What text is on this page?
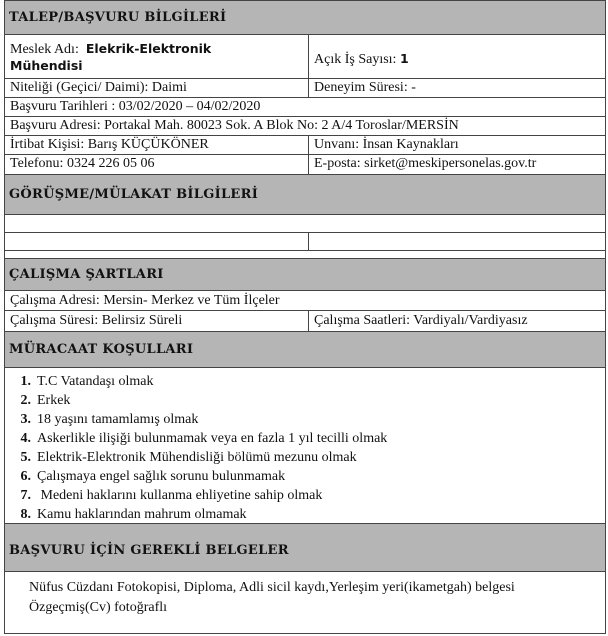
TALEP/BAŞVURU BİLGİLERİ
Meslek Adı: Elekrik-Elektronik
Mühendisi	Açık İş Sayısı: 1
Niteliği (Geçici/ Daimi): Daimi	Deneyim Süresi: -
Başvuru Tarihleri : 03/02/2020 – 04/02/2020
Başvuru Adresi: Portakal Mah. 80023 Sok. A Blok No: 2 A/4 Toroslar/MERSİN
İrtibat Kişisi: Barış KÜÇÜKÖNER	Unvanı: İnsan Kaynakları
Telefonu: 0324 226 05 06	E-posta: sirket@meskipersonelas.gov.tr
GÖRÜŞME/MÜLAKAT BİLGİLERİ
ÇALIŞMA ŞARTLARI
Çalışma Adresi: Mersin- Merkez ve Tüm İlçeler
Çalışma Süresi: Belirsiz Süreli	Çalışma Saatleri: Vardiyalı/Vardiyasız
MÜRACAAT KOŞULLARI
1. T.C Vatandaşı olmak
2. Erkek
3. 18 yaşını tamamlamış olmak
4. Askerlikle ilişiği bulunmamak veya en fazla 1 yıl tecilli olmak
5. Elektrik-Elektronik Mühendisliği bölümü mezunu olmak
6. Çalışmaya engel sağlık sorunu bulunmamak
7. Medeni haklarını kullanma ehliyetine sahip olmak
8. Kamu haklarından mahrum olmamak
BAŞVURU İÇİN GEREKLİ BELGELER
Nüfus Cüzdanı Fotokopisi, Diploma, Adli sicil kaydı,Yerleşim yeri(ikametgah) belgesi
Özgeçmiş(Cv) fotoğraflı
